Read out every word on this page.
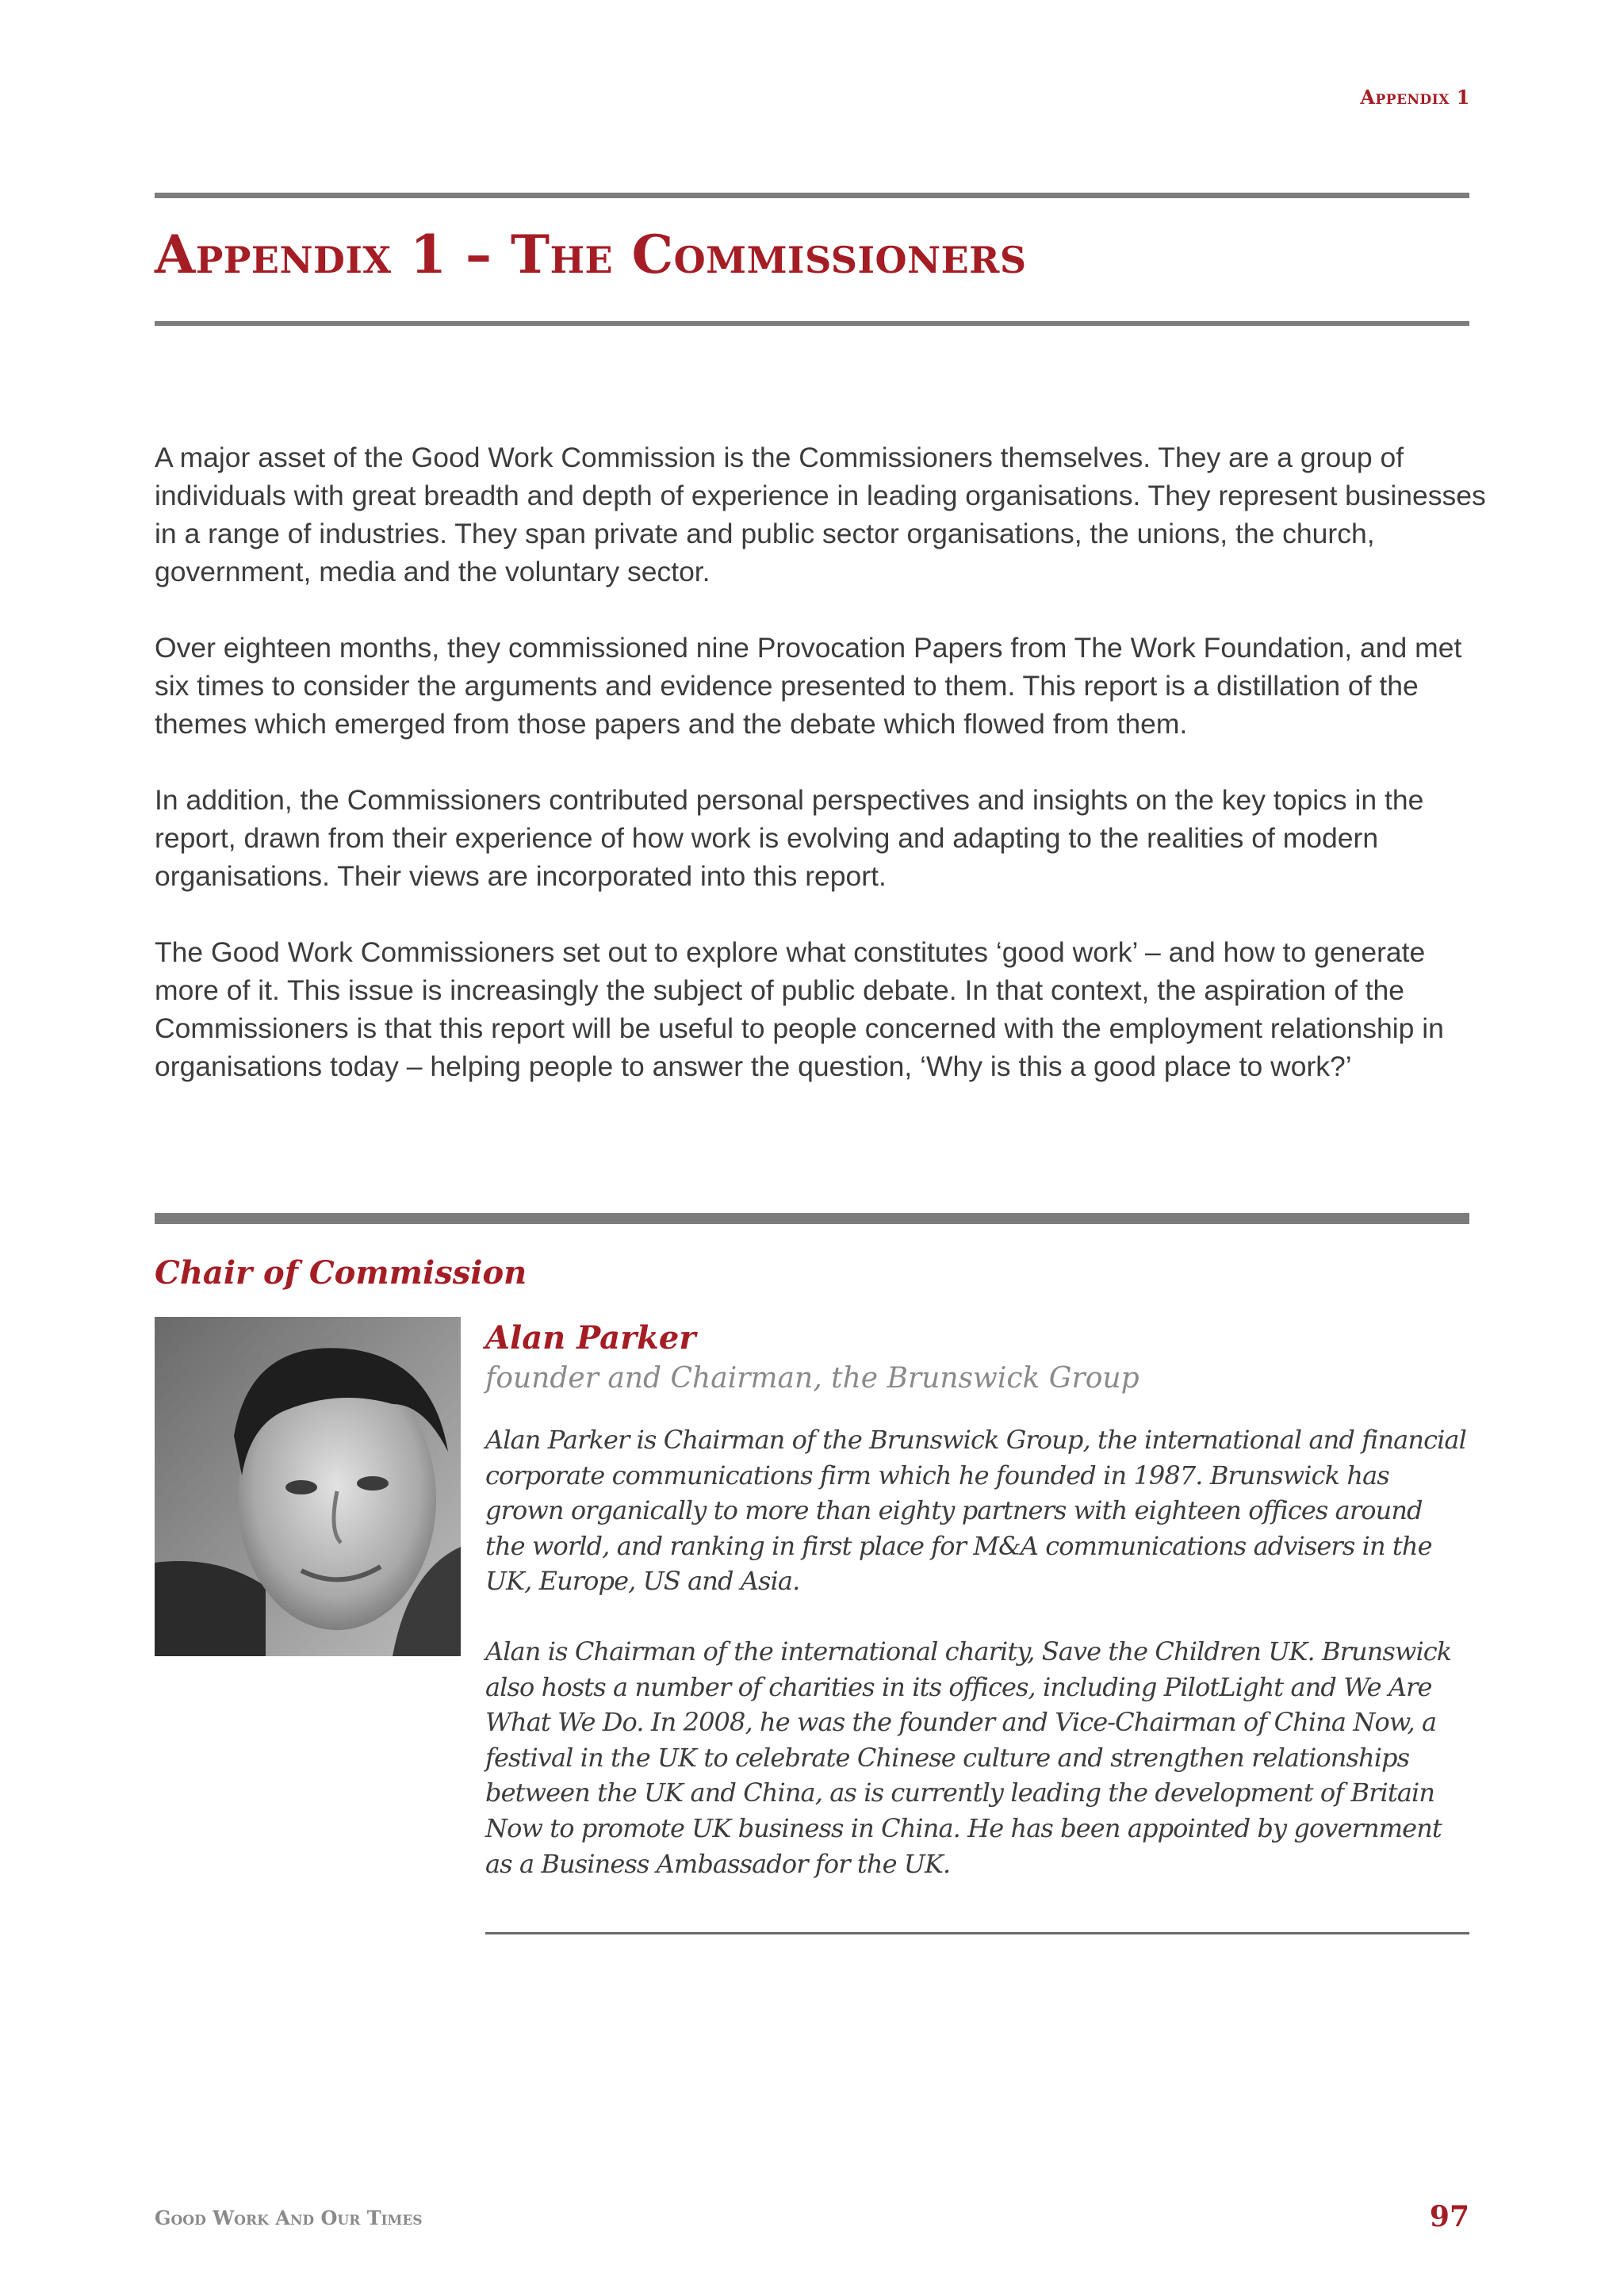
Appendix 1
Appendix 1 – The Commissioners

A major asset of the Good Work Commission is the Commissioners themselves. They are a group of individuals with great breadth and depth of experience in leading organisations. They represent businesses in a range of industries. They span private and public sector organisations, the unions, the church, government, media and the voluntary sector.

Over eighteen months, they commissioned nine Provocation Papers from The Work Foundation, and met six times to consider the arguments and evidence presented to them. This report is a distillation of the themes which emerged from those papers and the debate which flowed from them.

In addition, the Commissioners contributed personal perspectives and insights on the key topics in the report, drawn from their experience of how work is evolving and adapting to the realities of modern organisations. Their views are incorporated into this report.

The Good Work Commissioners set out to explore what constitutes ‘good work’ – and how to generate more of it. This issue is increasingly the subject of public debate. In that context, the aspiration of the Commissioners is that this report will be useful to people concerned with the employment relationship in organisations today – helping people to answer the question, ‘Why is this a good place to work?’

Chair of Commission

Alan Parker

founder and Chairman, the Brunswick Group

Alan Parker is Chairman of the Brunswick Group, the international and financial corporate communications firm which he founded in 1987. Brunswick has grown organically to more than eighty partners with eighteen offices around the world, and ranking in first place for M&A communications advisers in the UK, Europe, US and Asia.

Alan is Chairman of the international charity, Save the Children UK. Brunswick also hosts a number of charities in its offices, including PilotLight and We Are What We Do. In 2008, he was the founder and Vice-Chairman of China Now, a festival in the UK to celebrate Chinese culture and strengthen relationships between the UK and China, as is currently leading the development of Britain Now to promote UK business in China. He has been appointed by government as a Business Ambassador for the UK.

Good Work And Our Times	97
